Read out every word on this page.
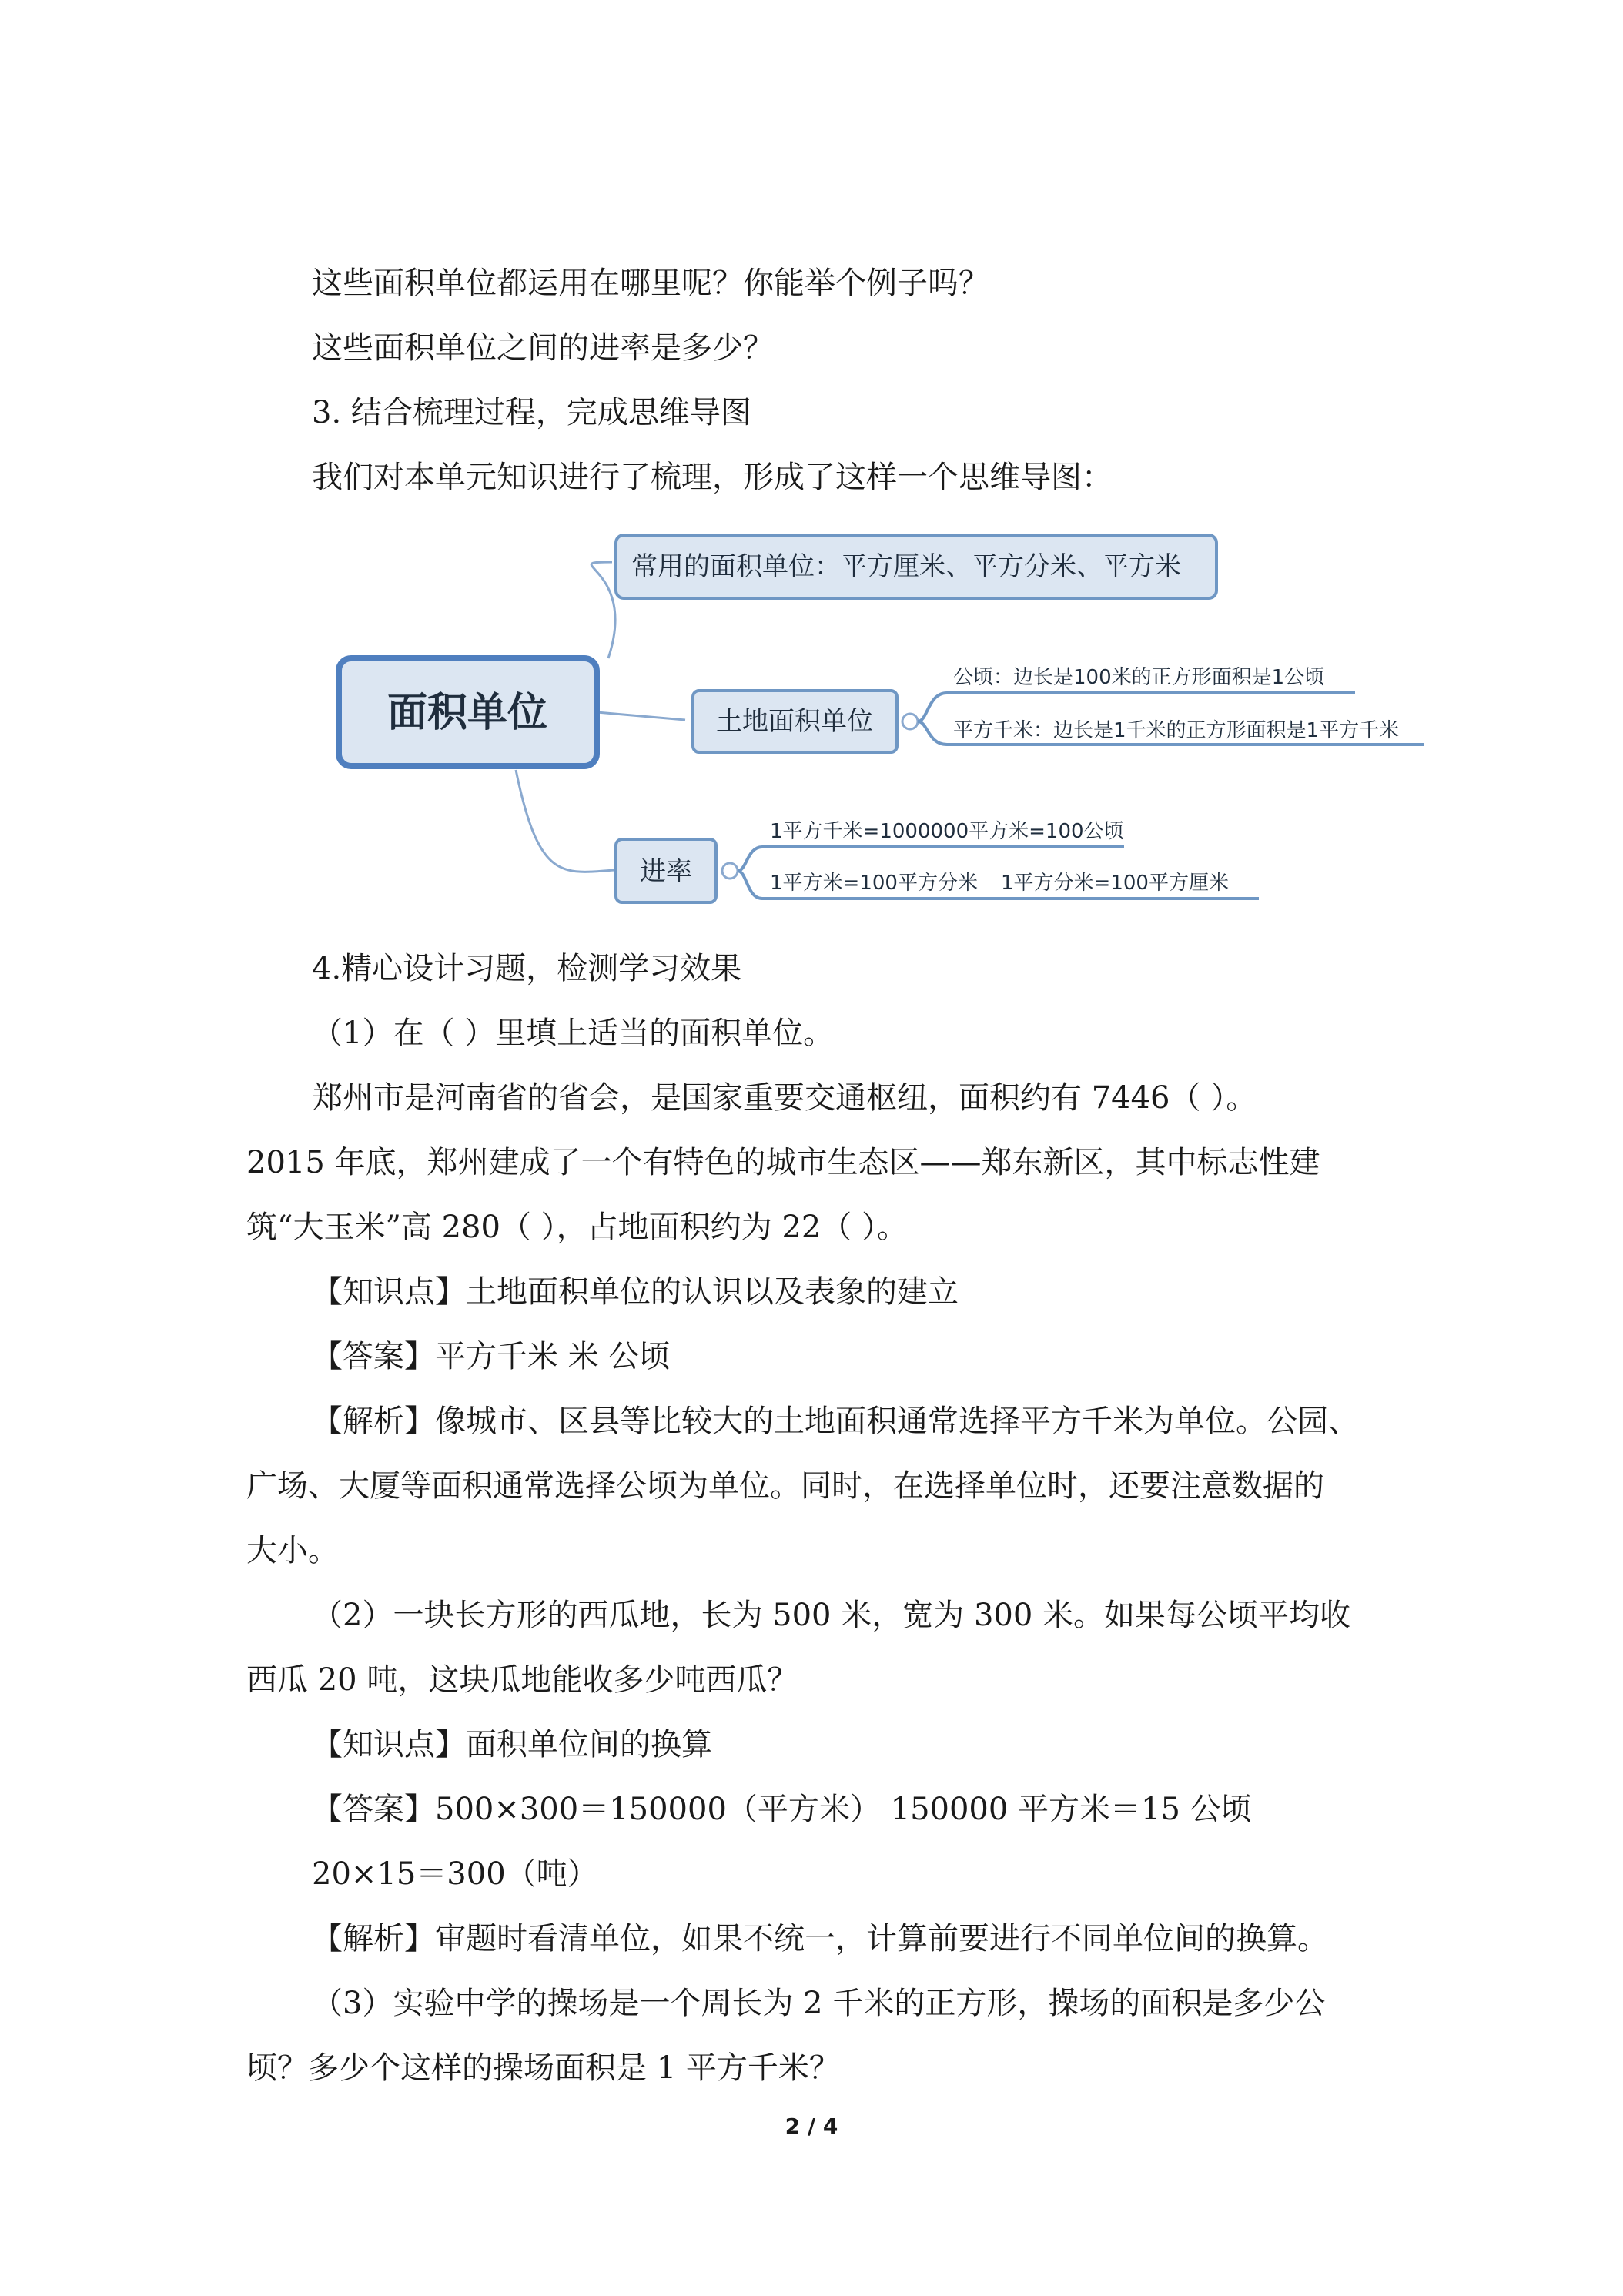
这些面积单位都运用在哪里呢？你能举个例子吗？
这些面积单位之间的进率是多少？
3. 结合梳理过程，完成思维导图
我们对本单元知识进行了梳理，形成了这样一个思维导图：
面积单位
常用的面积单位：平方厘米、平方分米、平方米
土地面积单位
公顷：边长是100米的正方形面积是1公顷
平方千米：边长是1千米的正方形面积是1平方千米
进率
1平方千米=1000000平方米=100公顷
1平方米=100平方分米 1平方分米=100平方厘米
4.精心设计习题，检测学习效果
（1）在（ ）里填上适当的面积单位。
郑州市是河南省的省会，是国家重要交通枢纽，面积约有 7446（ ）。
2015 年底，郑州建成了一个有特色的城市生态区——郑东新区，其中标志性建
筑“大玉米”高 280（ ），占地面积约为 22（ ）。
【知识点】土地面积单位的认识以及表象的建立
【答案】平方千米 米 公顷
【解析】像城市、区县等比较大的土地面积通常选择平方千米为单位。公园、
广场、大厦等面积通常选择公顷为单位。同时，在选择单位时，还要注意数据的
大小。
（2）一块长方形的西瓜地，长为 500 米，宽为 300 米。如果每公顷平均收
西瓜 20 吨，这块瓜地能收多少吨西瓜？
【知识点】面积单位间的换算
【答案】500×300＝150000（平方米） 150000 平方米＝15 公顷
20×15＝300（吨）
【解析】审题时看清单位，如果不统一，计算前要进行不同单位间的换算。
（3）实验中学的操场是一个周长为 2 千米的正方形，操场的面积是多少公
顷？多少个这样的操场面积是 1 平方千米？
2 / 4
